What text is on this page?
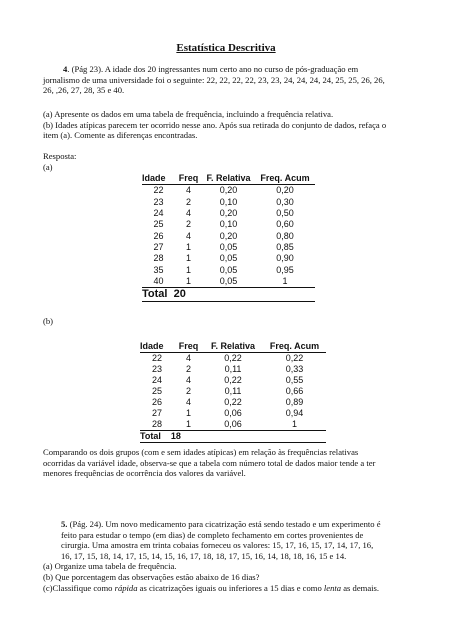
Estatística Descritiva
4. (Pág 23). A idade dos 20 ingressantes num certo ano no curso de pós-graduação em
jornalismo de uma universidade foi o seguinte: 22, 22, 22, 22, 23, 23, 24, 24, 24, 24, 25, 25, 26, 26,
26, ,26, 27, 28, 35 e 40.
(a) Apresente os dados em uma tabela de frequência, incluindo a frequência relativa.
(b) Idades atípicas parecem ter ocorrido nesse ano. Após sua retirada do conjunto de dados, refaça o
item (a). Comente as diferenças encontradas.
Resposta:
(a)
Idade	Freq	F. Relativa	Freq. Acum
22	4	0,20	0,20
23	2	0,10	0,30
24	4	0,20	0,50
25	2	0,10	0,60
26	4	0,20	0,80
27	1	0,05	0,85
28	1	0,05	0,90
35	1	0,05	0,95
40	1	0,05	1
Total 20			
(b)
Idade	Freq	F. Relativa	Freq. Acum
22	4	0,22	0,22
23	2	0,11	0,33
24	4	0,22	0,55
25	2	0,11	0,66
26	4	0,22	0,89
27	1	0,06	0,94
28	1	0,06	1
Total 18			
Comparando os dois grupos (com e sem idades atípicas) em relação às frequências relativas
ocorridas da variável idade, observa-se que a tabela com número total de dados maior tende a ter
menores frequências de ocorrência dos valores da variável.
5. (Pág. 24). Um novo medicamento para cicatrização está sendo testado e um experimento é
feito para estudar o tempo (em dias) de completo fechamento em cortes provenientes de
cirurgia. Uma amostra em trinta cobaias forneceu os valores: 15, 17, 16, 15, 17, 14, 17, 16,
16, 17, 15, 18, 14, 17, 15, 14, 15, 16, 17, 18, 18, 17, 15, 16, 14, 18, 18, 16, 15 e 14.
(a) Organize uma tabela de frequência.
(b) Que porcentagem das observações estão abaixo de 16 dias?
(c)Classifique como rápida as cicatrizações iguais ou inferiores a 15 dias e como lenta as demais.
